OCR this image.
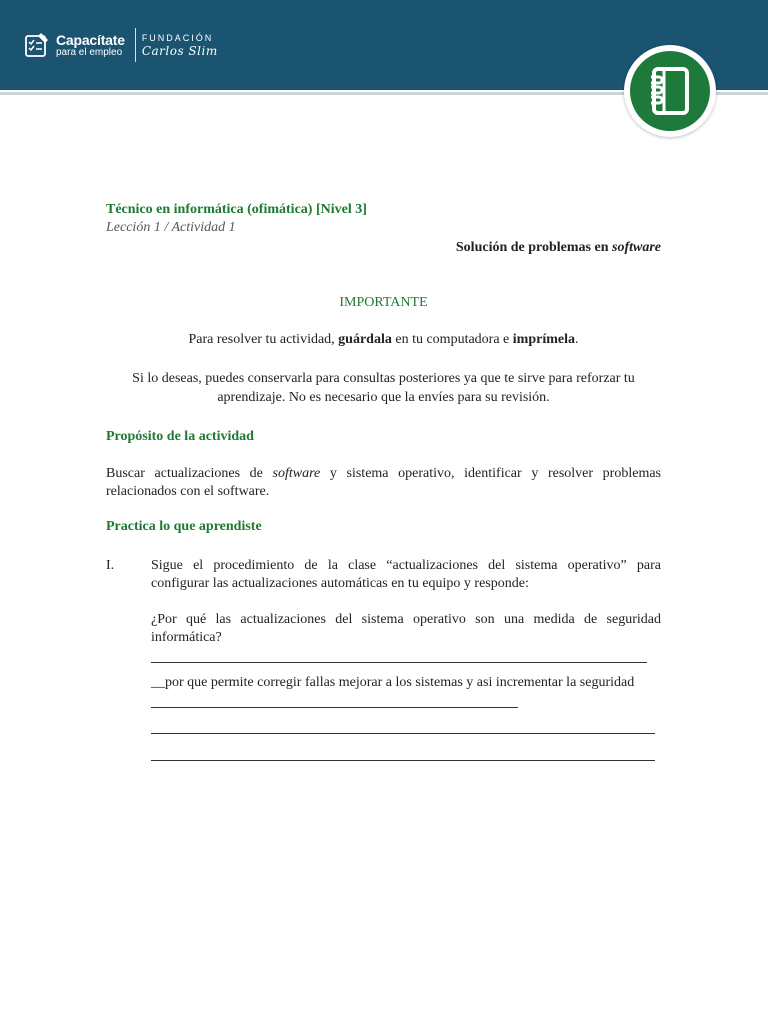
Capacítate
para el empleo
FUNDACIÓN
Carlos Slim
Técnico en informática (ofimática) [Nivel 3]
Lección 1 / Actividad 1
Solución de problemas en software
IMPORTANTE
Para resolver tu actividad, guárdala en tu computadora e imprímela.
Si lo deseas, puedes conservarla para consultas posteriores ya que te sirve para reforzar tu
aprendizaje. No es necesario que la envíes para su revisión.
Propósito de la actividad
Buscar actualizaciones de software y sistema operativo, identificar y resolver problemas
relacionados con el software.
Practica lo que aprendiste
I.	Sigue el procedimiento de la clase “actualizaciones del sistema operativo” para
configurar las actualizaciones automáticas en tu equipo y responde:
¿Por qué las actualizaciones del sistema operativo son una medida de seguridad
informática?
__por que permite corregir fallas mejorar a los sistemas y asi incrementar la seguridad
